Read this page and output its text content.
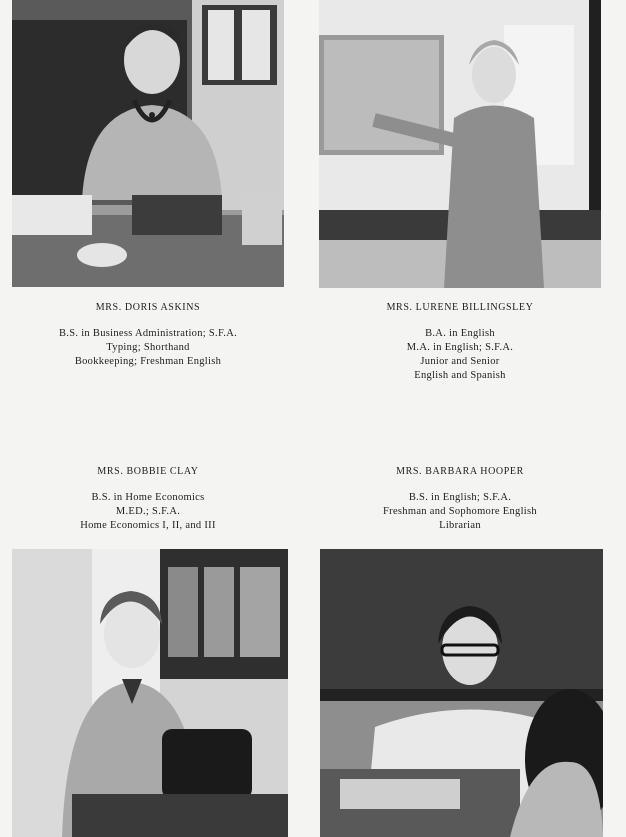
MRS. DORIS ASKINS
B.S. in Business Administration; S.F.A.
Typing; Shorthand
Bookkeeping; Freshman English
MRS. LURENE BILLINGSLEY
B.A. in English
M.A. in English; S.F.A.
Junior and Senior
English and Spanish
MRS. BOBBIE CLAY
B.S. in Home Economics
M.ED.; S.F.A.
Home Economics I, II, and III
MRS. BARBARA HOOPER
B.S. in English; S.F.A.
Freshman and Sophomore English
Librarian
